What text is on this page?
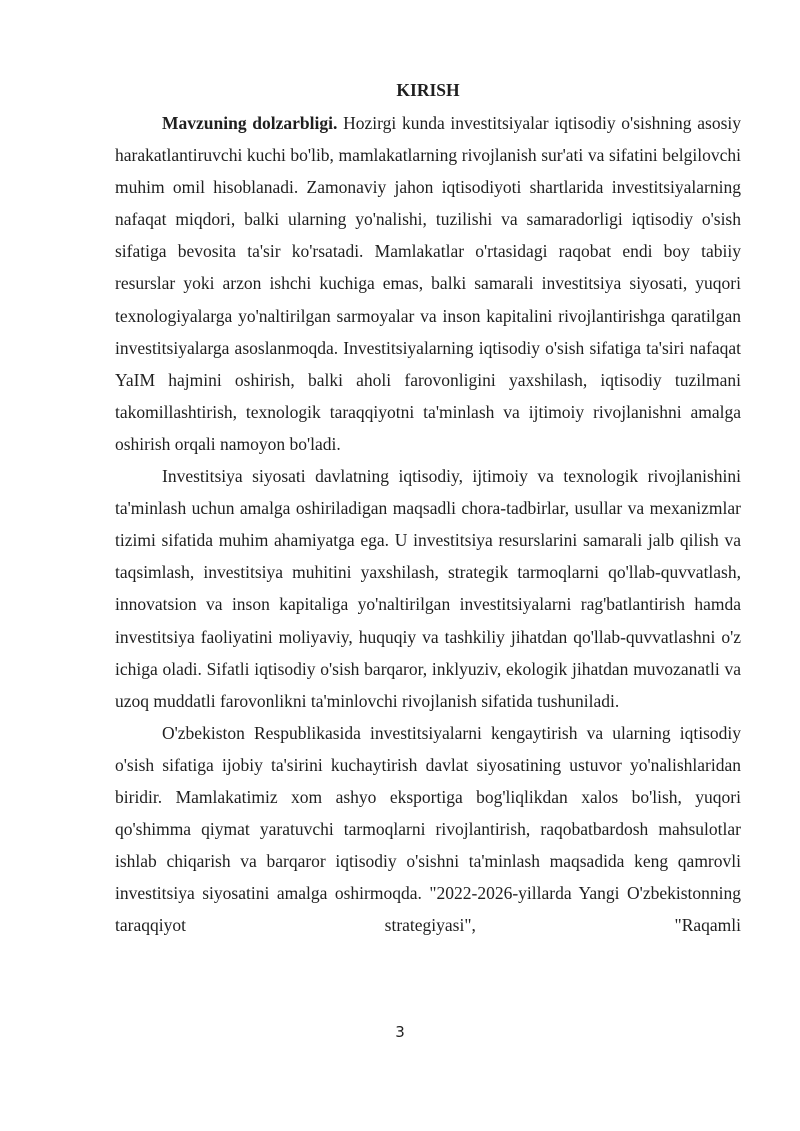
KIRISH

Mavzuning dolzarbligi. Hozirgi kunda investitsiyalar iqtisodiy o'sishning asosiy harakatlantiruvchi kuchi bo'lib, mamlakatlarning rivojlanish sur'ati va sifatini belgilovchi muhim omil hisoblanadi. Zamonaviy jahon iqtisodiyoti shartlarida investitsiyalarning nafaqat miqdori, balki ularning yo'nalishi, tuzilishi va samaradorligi iqtisodiy o'sish sifatiga bevosita ta'sir ko'rsatadi. Mamlakatlar o'rtasidagi raqobat endi boy tabiiy resurslar yoki arzon ishchi kuchiga emas, balki samarali investitsiya siyosati, yuqori texnologiyalarga yo'naltirilgan sarmoyalar va inson kapitalini rivojlantirishga qaratilgan investitsiyalarga asoslanmoqda. Investitsiyalarning iqtisodiy o'sish sifatiga ta'siri nafaqat YaIM hajmini oshirish, balki aholi farovonligini yaxshilash, iqtisodiy tuzilmani takomillashtirish, texnologik taraqqiyotni ta'minlash va ijtimoiy rivojlanishni amalga oshirish orqali namoyon bo'ladi.

Investitsiya siyosati davlatning iqtisodiy, ijtimoiy va texnologik rivojlanishini ta'minlash uchun amalga oshiriladigan maqsadli chora-tadbirlar, usullar va mexanizmlar tizimi sifatida muhim ahamiyatga ega. U investitsiya resurslarini samarali jalb qilish va taqsimlash, investitsiya muhitini yaxshilash, strategik tarmoqlarni qo'llab-quvvatlash, innovatsion va inson kapitaliga yo'naltirilgan investitsiyalarni rag'batlantirish hamda investitsiya faoliyatini moliyaviy, huquqiy va tashkiliy jihatdan qo'llab-quvvatlashni o'z ichiga oladi. Sifatli iqtisodiy o'sish barqaror, inklyuziv, ekologik jihatdan muvozanatli va uzoq muddatli farovonlikni ta'minlovchi rivojlanish sifatida tushuniladi.

O'zbekiston Respublikasida investitsiyalarni kengaytirish va ularning iqtisodiy o'sish sifatiga ijobiy ta'sirini kuchaytirish davlat siyosatining ustuvor yo'nalishlaridan biridir. Mamlakatimiz xom ashyo eksportiga bog'liqlikdan xalos bo'lish, yuqori qo'shimma qiymat yaratuvchi tarmoqlarni rivojlantirish, raqobatbardosh mahsulotlar ishlab chiqarish va barqaror iqtisodiy o'sishni ta'minlash maqsadida keng qamrovli investitsiya siyosatini amalga oshirmoqda. "2022-2026-yillarda Yangi O'zbekistonning taraqqiyot strategiyasi", "Raqamli

3
